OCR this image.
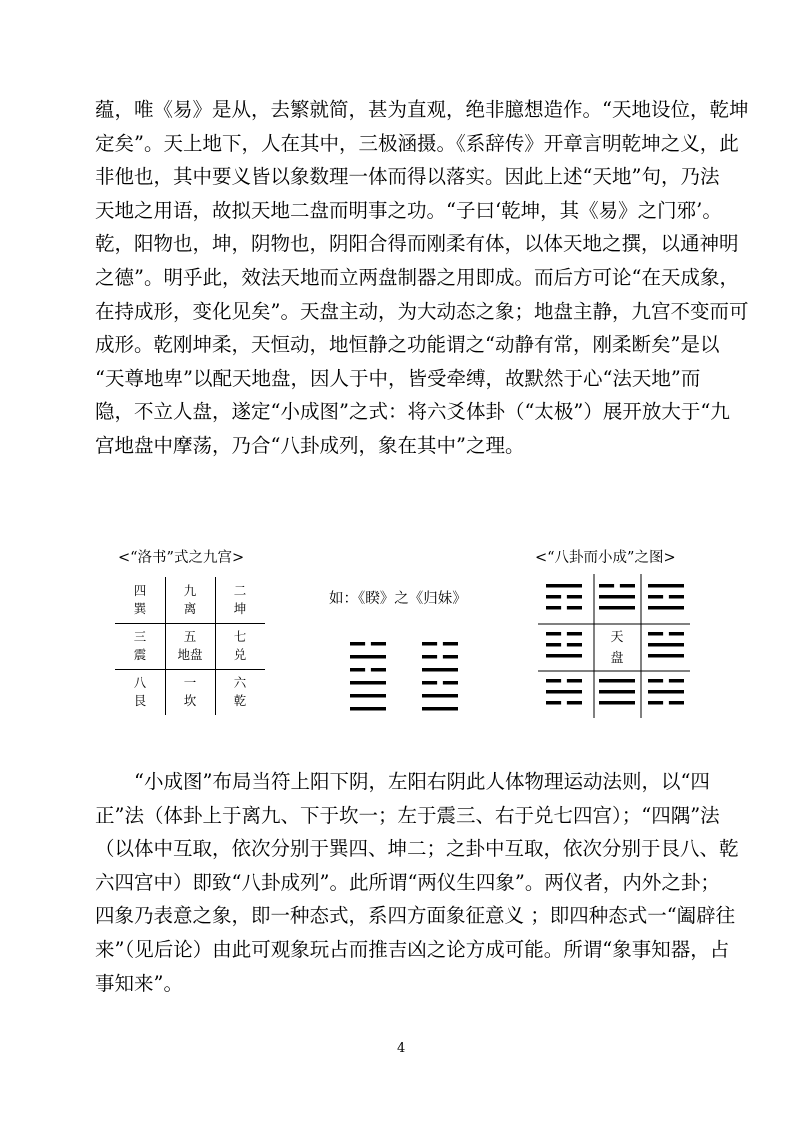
蕴，唯《易》是从，去繁就简，甚为直观，绝非臆想造作。“天地设位，乾坤
定矣”。天上地下，人在其中，三极涵摄。《系辞传》开章言明乾坤之义，此
非他也，其中要义皆以象数理一体而得以落实。因此上述“天地”句，乃法
天地之用语，故拟天地二盘而明事之功。“子曰‘乾坤，其《易》之门邪’。
乾，阳物也，坤，阴物也，阴阳合得而刚柔有体，以体天地之撰，以通神明
之德”。明乎此，效法天地而立两盘制器之用即成。而后方可论“在天成象，
在持成形，变化见矣”。天盘主动，为大动态之象；地盘主静，九宫不变而可
成形。乾刚坤柔，天恒动，地恒静之功能谓之“动静有常，刚柔断矣”是以
“天尊地卑”以配天地盘，因人于中，皆受牵缚，故默然于心“法天地”而
隐，不立人盘，遂定“小成图”之式：将六爻体卦（“太极”）展开放大于“九
宫地盘中摩荡，乃合“八卦成列，象在其中”之理。

<“洛书”式之九宫>
四
巽
九
离
二
坤
三
震
五
地盘
七
兑
八
艮
一
坎
六
乾
如：《睽》之《归妹》
<“八卦而小成”之图>
天
盘

　　“小成图”布局当符上阳下阴，左阳右阴此人体物理运动法则，以“四
正”法（体卦上于离九、下于坎一；左于震三、右于兑七四宫）；“四隅”法
（以体中互取，依次分别于巽四、坤二；之卦中互取，依次分别于艮八、乾
六四宫中）即致“八卦成列”。此所谓“两仪生四象”。两仪者，内外之卦；
四象乃表意之象，即一种态式，系四方面象征意义 ；即四种态式一“阖辟往
来”（见后论）由此可观象玩占而推吉凶之论方成可能。所谓“象事知器，占
事知来”。

4
